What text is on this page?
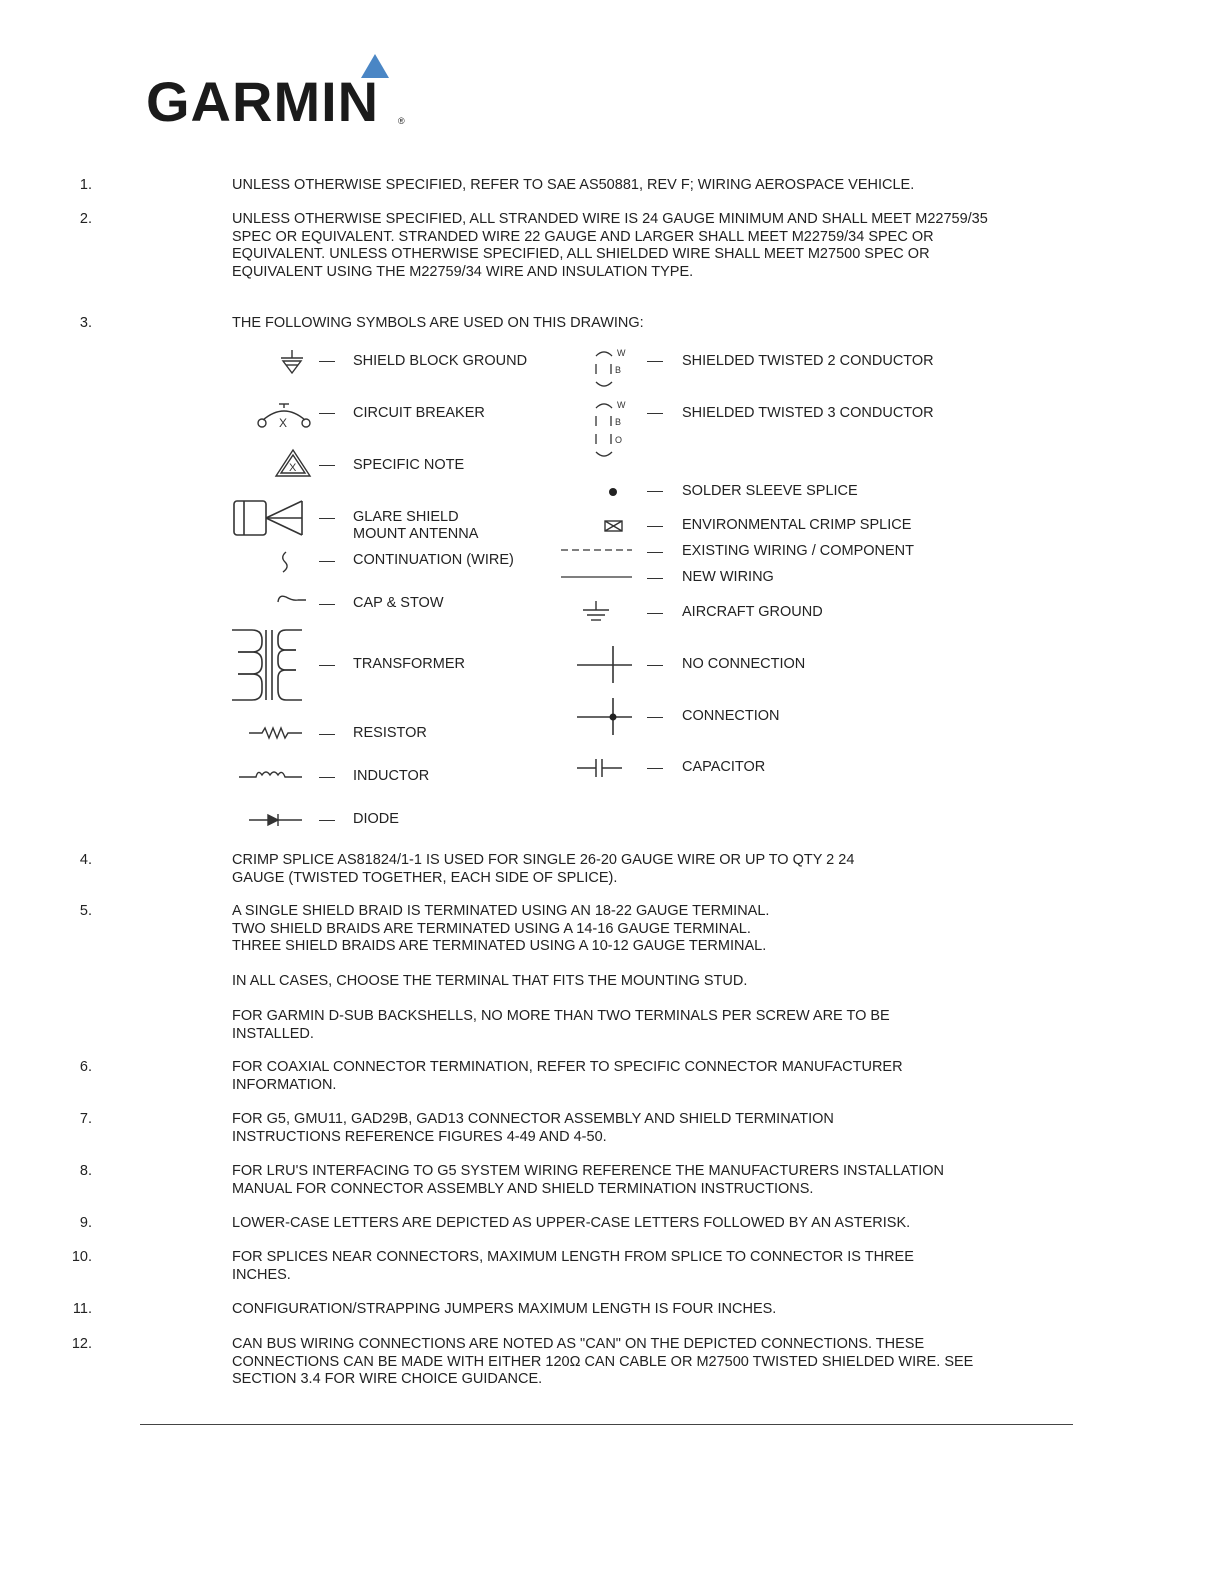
GARMIN ®
1.	UNLESS OTHERWISE SPECIFIED, REFER TO SAE AS50881, REV F; WIRING AEROSPACE VEHICLE.
2.	UNLESS OTHERWISE SPECIFIED, ALL STRANDED WIRE IS 24 GAUGE MINIMUM AND SHALL MEET M22759/35 SPEC OR EQUIVALENT. STRANDED WIRE 22 GAUGE AND LARGER SHALL MEET M22759/34 SPEC OR EQUIVALENT. UNLESS OTHERWISE SPECIFIED, ALL SHIELDED WIRE SHALL MEET M27500 SPEC OR EQUIVALENT USING THE M22759/34 WIRE AND INSULATION TYPE.
3.	THE FOLLOWING SYMBOLS ARE USED ON THIS DRAWING:
SHIELD BLOCK GROUND
X
CIRCUIT BREAKER
X	SPECIFIC NOTE
GLARE SHIELD
MOUNT ANTENNA
CONTINUATION (WIRE)
CAP & STOW
TRANSFORMER
RESISTOR
INDUCTOR
DIODE
W
B
SHIELDED TWISTED 2 CONDUCTOR
W
B
O
SHIELDED TWISTED 3 CONDUCTOR
SOLDER SLEEVE SPLICE
ENVIRONMENTAL CRIMP SPLICE
EXISTING WIRING / COMPONENT
NEW WIRING
AIRCRAFT GROUND
NO CONNECTION
CONNECTION
CAPACITOR
4.	CRIMP SPLICE AS81824/1-1 IS USED FOR SINGLE 26-20 GAUGE WIRE OR UP TO QTY 2 24 GAUGE (TWISTED TOGETHER, EACH SIDE OF SPLICE).

5.	A SINGLE SHIELD BRAID IS TERMINATED USING AN 18-22 GAUGE TERMINAL.
TWO SHIELD BRAIDS ARE TERMINATED USING A 14-16 GAUGE TERMINAL.
THREE SHIELD BRAIDS ARE TERMINATED USING A 10-12 GAUGE TERMINAL.

IN ALL CASES, CHOOSE THE TERMINAL THAT FITS THE MOUNTING STUD.

FOR GARMIN D-SUB BACKSHELLS, NO MORE THAN TWO TERMINALS PER SCREW ARE TO BE INSTALLED.

6.	FOR COAXIAL CONNECTOR TERMINATION, REFER TO SPECIFIC CONNECTOR MANUFACTURER INFORMATION.

7.	FOR G5, GMU11, GAD29B, GAD13 CONNECTOR ASSEMBLY AND SHIELD TERMINATION INSTRUCTIONS REFERENCE FIGURES 4-49 AND 4-50.

8.	FOR LRU'S INTERFACING TO G5 SYSTEM WIRING REFERENCE THE MANUFACTURERS INSTALLATION MANUAL FOR CONNECTOR ASSEMBLY AND SHIELD TERMINATION INSTRUCTIONS.

9.	LOWER-CASE LETTERS ARE DEPICTED AS UPPER-CASE LETTERS FOLLOWED BY AN ASTERISK.

10.	FOR SPLICES NEAR CONNECTORS, MAXIMUM LENGTH FROM SPLICE TO CONNECTOR IS THREE INCHES.

11.	CONFIGURATION/STRAPPING JUMPERS MAXIMUM LENGTH IS FOUR INCHES.

12.	CAN BUS WIRING CONNECTIONS ARE NOTED AS "CAN" ON THE DEPICTED CONNECTIONS. THESE CONNECTIONS CAN BE MADE WITH EITHER 120Ω CAN CABLE OR M27500 TWISTED SHIELDED WIRE. SEE SECTION 3.4 FOR WIRE CHOICE GUIDANCE.
